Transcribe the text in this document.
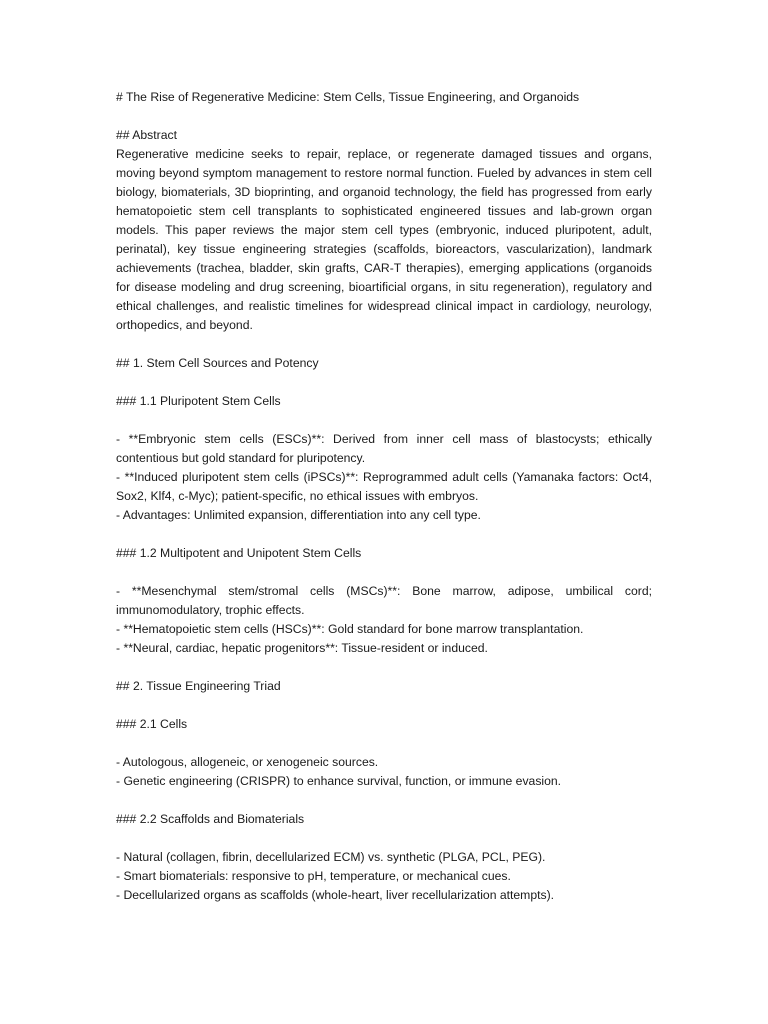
# The Rise of Regenerative Medicine: Stem Cells, Tissue Engineering, and Organoids

## Abstract

Regenerative medicine seeks to repair, replace, or regenerate damaged tissues and organs, moving beyond symptom management to restore normal function. Fueled by advances in stem cell biology, biomaterials, 3D bioprinting, and organoid technology, the field has progressed from early hematopoietic stem cell transplants to sophisticated engineered tissues and lab-grown organ models. This paper reviews the major stem cell types (embryonic, induced pluripotent, adult, perinatal), key tissue engineering strategies (scaffolds, bioreactors, vascularization), landmark achievements (trachea, bladder, skin grafts, CAR-T therapies), emerging applications (organoids for disease modeling and drug screening, bioartificial organs, in situ regeneration), regulatory and ethical challenges, and realistic timelines for widespread clinical impact in cardiology, neurology, orthopedics, and beyond.

## 1. Stem Cell Sources and Potency

### 1.1 Pluripotent Stem Cells

- **Embryonic stem cells (ESCs)**: Derived from inner cell mass of blastocysts; ethically contentious but gold standard for pluripotency.

- **Induced pluripotent stem cells (iPSCs)**: Reprogrammed adult cells (Yamanaka factors: Oct4, Sox2, Klf4, c-Myc); patient-specific, no ethical issues with embryos.

- Advantages: Unlimited expansion, differentiation into any cell type.

### 1.2 Multipotent and Unipotent Stem Cells

- **Mesenchymal stem/stromal cells (MSCs)**: Bone marrow, adipose, umbilical cord; immunomodulatory, trophic effects.

- **Hematopoietic stem cells (HSCs)**: Gold standard for bone marrow transplantation.

- **Neural, cardiac, hepatic progenitors**: Tissue-resident or induced.

## 2. Tissue Engineering Triad

### 2.1 Cells

- Autologous, allogeneic, or xenogeneic sources.

- Genetic engineering (CRISPR) to enhance survival, function, or immune evasion.

### 2.2 Scaffolds and Biomaterials

- Natural (collagen, fibrin, decellularized ECM) vs. synthetic (PLGA, PCL, PEG).

- Smart biomaterials: responsive to pH, temperature, or mechanical cues.

- Decellularized organs as scaffolds (whole-heart, liver recellularization attempts).
